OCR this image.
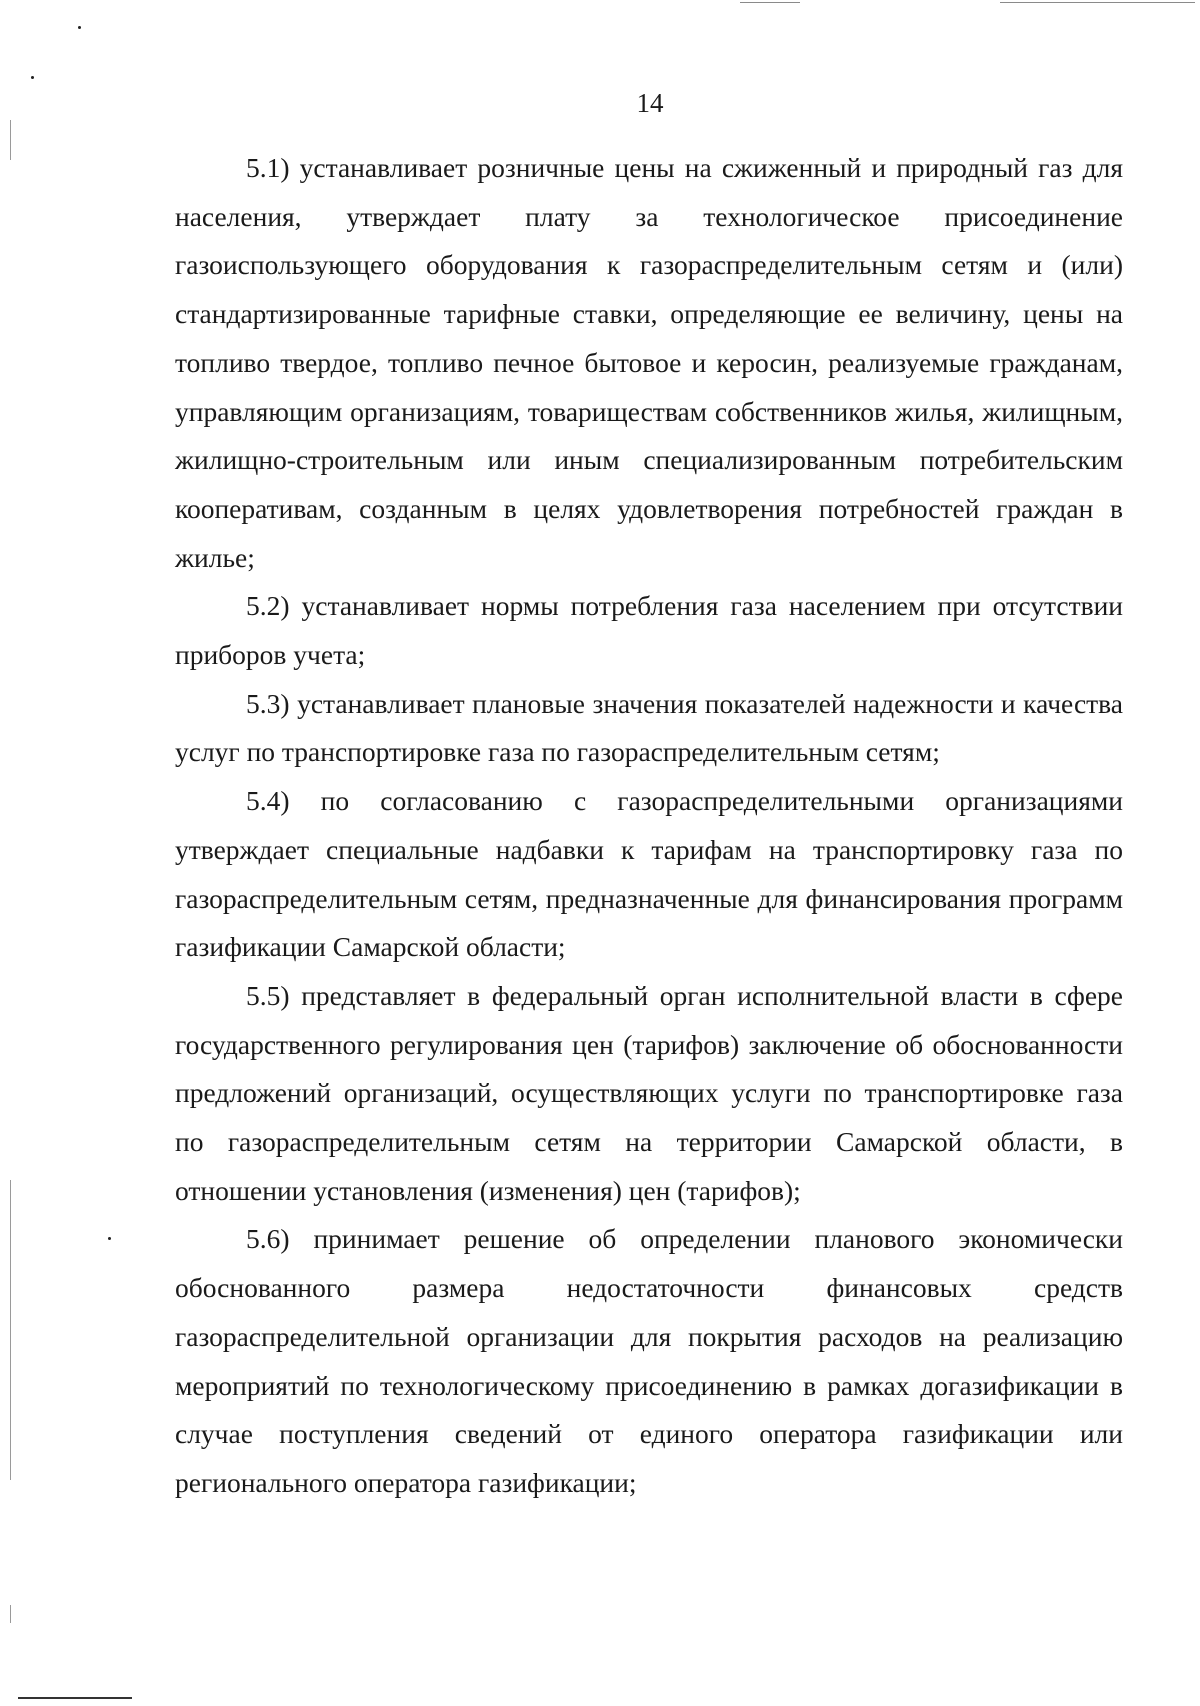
14

5.1) устанавливает розничные цены на сжиженный и природный газ для населения, утверждает плату за технологическое присоединение газоиспользующего оборудования к газораспределительным сетям и (или) стандартизированные тарифные ставки, определяющие ее величину, цены на топливо твердое, топливо печное бытовое и керосин, реализуемые гражданам, управляющим организациям, товариществам собственников жилья, жилищным, жилищно-строительным или иным специализированным потребительским кооперативам, созданным в целях удовлетворения потребностей граждан в жилье;

5.2) устанавливает нормы потребления газа населением при отсутствии приборов учета;

5.3) устанавливает плановые значения показателей надежности и качества услуг по транспортировке газа по газораспределительным сетям;

5.4) по согласованию с газораспределительными организациями утверждает специальные надбавки к тарифам на транспортировку газа по газораспределительным сетям, предназначенные для финансирования программ газификации Самарской области;

5.5) представляет в федеральный орган исполнительной власти в сфере государственного регулирования цен (тарифов) заключение об обоснованности предложений организаций, осуществляющих услуги по транспортировке газа по газораспределительным сетям на территории Самарской области, в отношении установления (изменения) цен (тарифов);

5.6) принимает решение об определении планового экономически обоснованного размера недостаточности финансовых средств газораспределительной организации для покрытия расходов на реализацию мероприятий по технологическому присоединению в рамках догазификации в случае поступления сведений от единого оператора газификации или регионального оператора газификации;
